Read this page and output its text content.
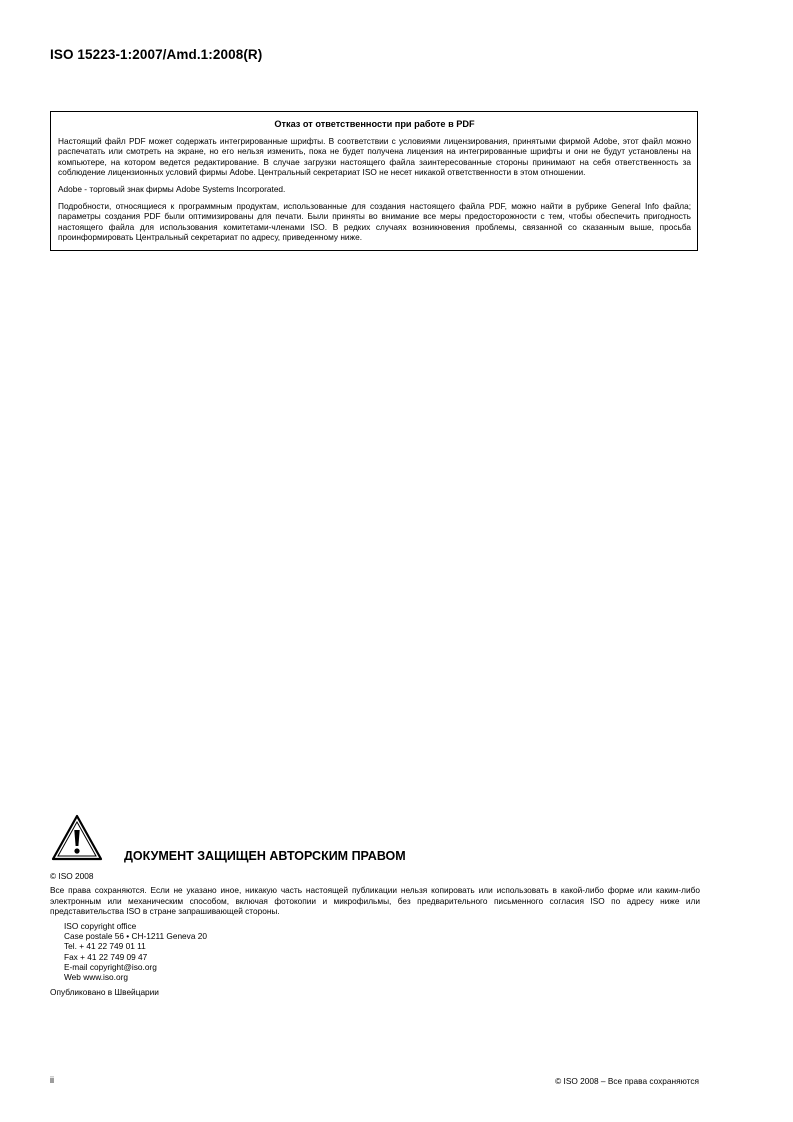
ISO 15223-1:2007/Amd.1:2008(R)
Отказ от ответственности при работе в PDF

Настоящий файл PDF может содержать интегрированные шрифты. В соответствии с условиями лицензирования, принятыми фирмой Adobe, этот файл можно распечатать или смотреть на экране, но его нельзя изменить, пока не будет получена лицензия на интегрированные шрифты и они не будут установлены на компьютере, на котором ведется редактирование. В случае загрузки настоящего файла заинтересованные стороны принимают на себя ответственность за соблюдение лицензионных условий фирмы Adobe. Центральный секретариат ISO не несет никакой ответственности в этом отношении.

Adobe - торговый знак фирмы Adobe Systems Incorporated.

Подробности, относящиеся к программным продуктам, использованные для создания настоящего файла PDF, можно найти в рубрике General Info файла; параметры создания PDF были оптимизированы для печати. Были приняты во внимание все меры предосторожности с тем, чтобы обеспечить пригодность настоящего файла для использования комитетами-членами ISO. В редких случаях возникновения проблемы, связанной со сказанным выше, просьба проинформировать Центральный секретариат по адресу, приведенному ниже.

ДОКУМЕНТ ЗАЩИЩЕН АВТОРСКИМ ПРАВОМ
© ISO 2008
Все права сохраняются. Если не указано иное, никакую часть настоящей публикации нельзя копировать или использовать в какой-либо форме или каким-либо электронным или механическим способом, включая фотокопии и микрофильмы, без предварительного письменного согласия ISO по адресу ниже или представительства ISO в стране запрашивающей стороны.
ISO copyright office
Case postale 56 • CH-1211 Geneva 20
Tel. + 41 22 749 01 11
Fax + 41 22 749 09 47
E-mail copyright@iso.org
Web www.iso.org
Опубликовано в Швейцарии
ii	© ISO 2008 – Все права сохраняются
